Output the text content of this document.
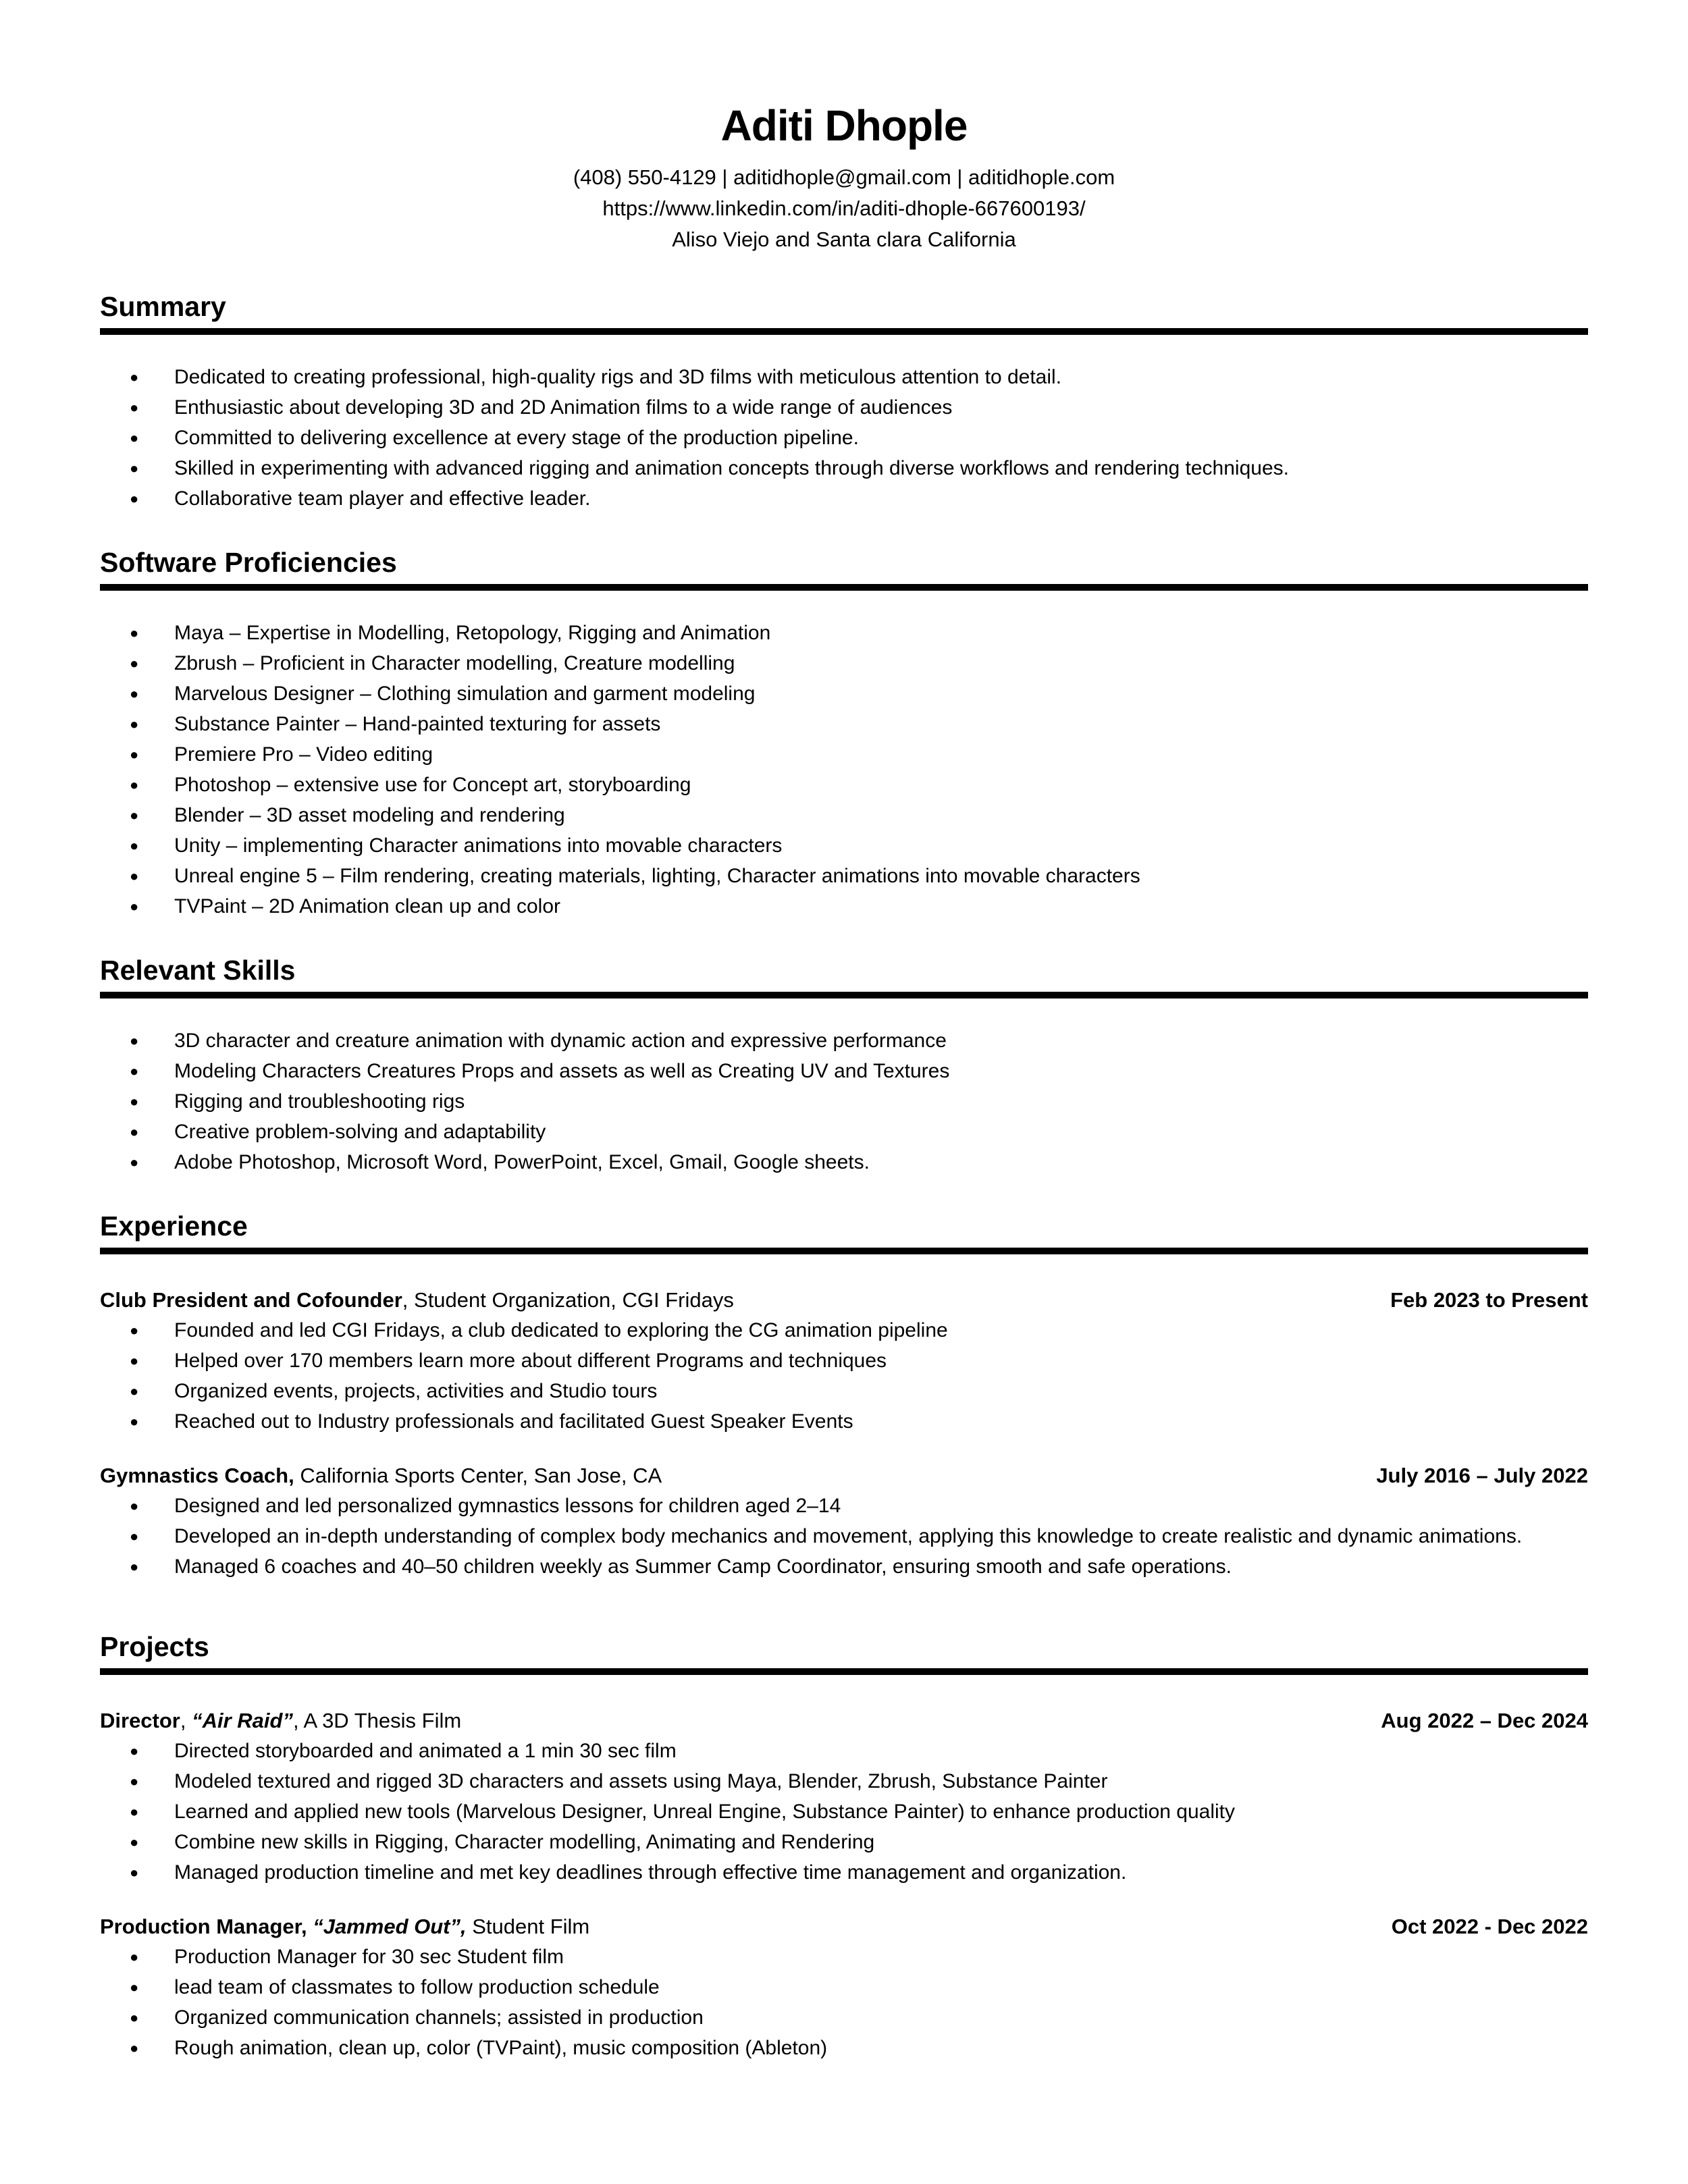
Aditi Dhople

(408) 550-4129 | aditidhople@gmail.com | aditidhople.com

https://www.linkedin.com/in/aditi-dhople-667600193/

Aliso Viejo and Santa clara California

Summary
● Dedicated to creating professional, high-quality rigs and 3D films with meticulous attention to detail.
● Enthusiastic about developing 3D and 2D Animation films to a wide range of audiences
● Committed to delivering excellence at every stage of the production pipeline.
● Skilled in experimenting with advanced rigging and animation concepts through diverse workflows and rendering techniques.
● Collaborative team player and effective leader.
Software Proficiencies
● Maya – Expertise in Modelling, Retopology, Rigging and Animation
● Zbrush – Proficient in Character modelling, Creature modelling
● Marvelous Designer – Clothing simulation and garment modeling
● Substance Painter – Hand-painted texturing for assets
● Premiere Pro – Video editing
● Photoshop – extensive use for Concept art, storyboarding
● Blender – 3D asset modeling and rendering
● Unity – implementing Character animations into movable characters
● Unreal engine 5 – Film rendering, creating materials, lighting, Character animations into movable characters
● TVPaint – 2D Animation clean up and color
Relevant Skills
● 3D character and creature animation with dynamic action and expressive performance
● Modeling Characters Creatures Props and assets as well as Creating UV and Textures
● Rigging and troubleshooting rigs
● Creative problem-solving and adaptability
● Adobe Photoshop, Microsoft Word, PowerPoint, Excel, Gmail, Google sheets.
Experience
Club President and Cofounder, Student Organization, CGI Fridays	Feb 2023 to Present
● Founded and led CGI Fridays, a club dedicated to exploring the CG animation pipeline
● Helped over 170 members learn more about different Programs and techniques
● Organized events, projects, activities and Studio tours
● Reached out to Industry professionals and facilitated Guest Speaker Events
Gymnastics Coach, California Sports Center, San Jose, CA	July 2016 – July 2022
● Designed and led personalized gymnastics lessons for children aged 2–14
● Developed an in-depth understanding of complex body mechanics and movement, applying this knowledge to create realistic and dynamic animations.
● Managed 6 coaches and 40–50 children weekly as Summer Camp Coordinator, ensuring smooth and safe operations.
Projects
Director, “Air Raid”, A 3D Thesis Film	Aug 2022 – Dec 2024
● Directed storyboarded and animated a 1 min 30 sec film
● Modeled textured and rigged 3D characters and assets using Maya, Blender, Zbrush, Substance Painter
● Learned and applied new tools (Marvelous Designer, Unreal Engine, Substance Painter) to enhance production quality
● Combine new skills in Rigging, Character modelling, Animating and Rendering
● Managed production timeline and met key deadlines through effective time management and organization.
Production Manager, “Jammed Out”, Student Film	Oct 2022 - Dec 2022
● Production Manager for 30 sec Student film
● lead team of classmates to follow production schedule
● Organized communication channels; assisted in production
● Rough animation, clean up, color (TVPaint), music composition (Ableton)
